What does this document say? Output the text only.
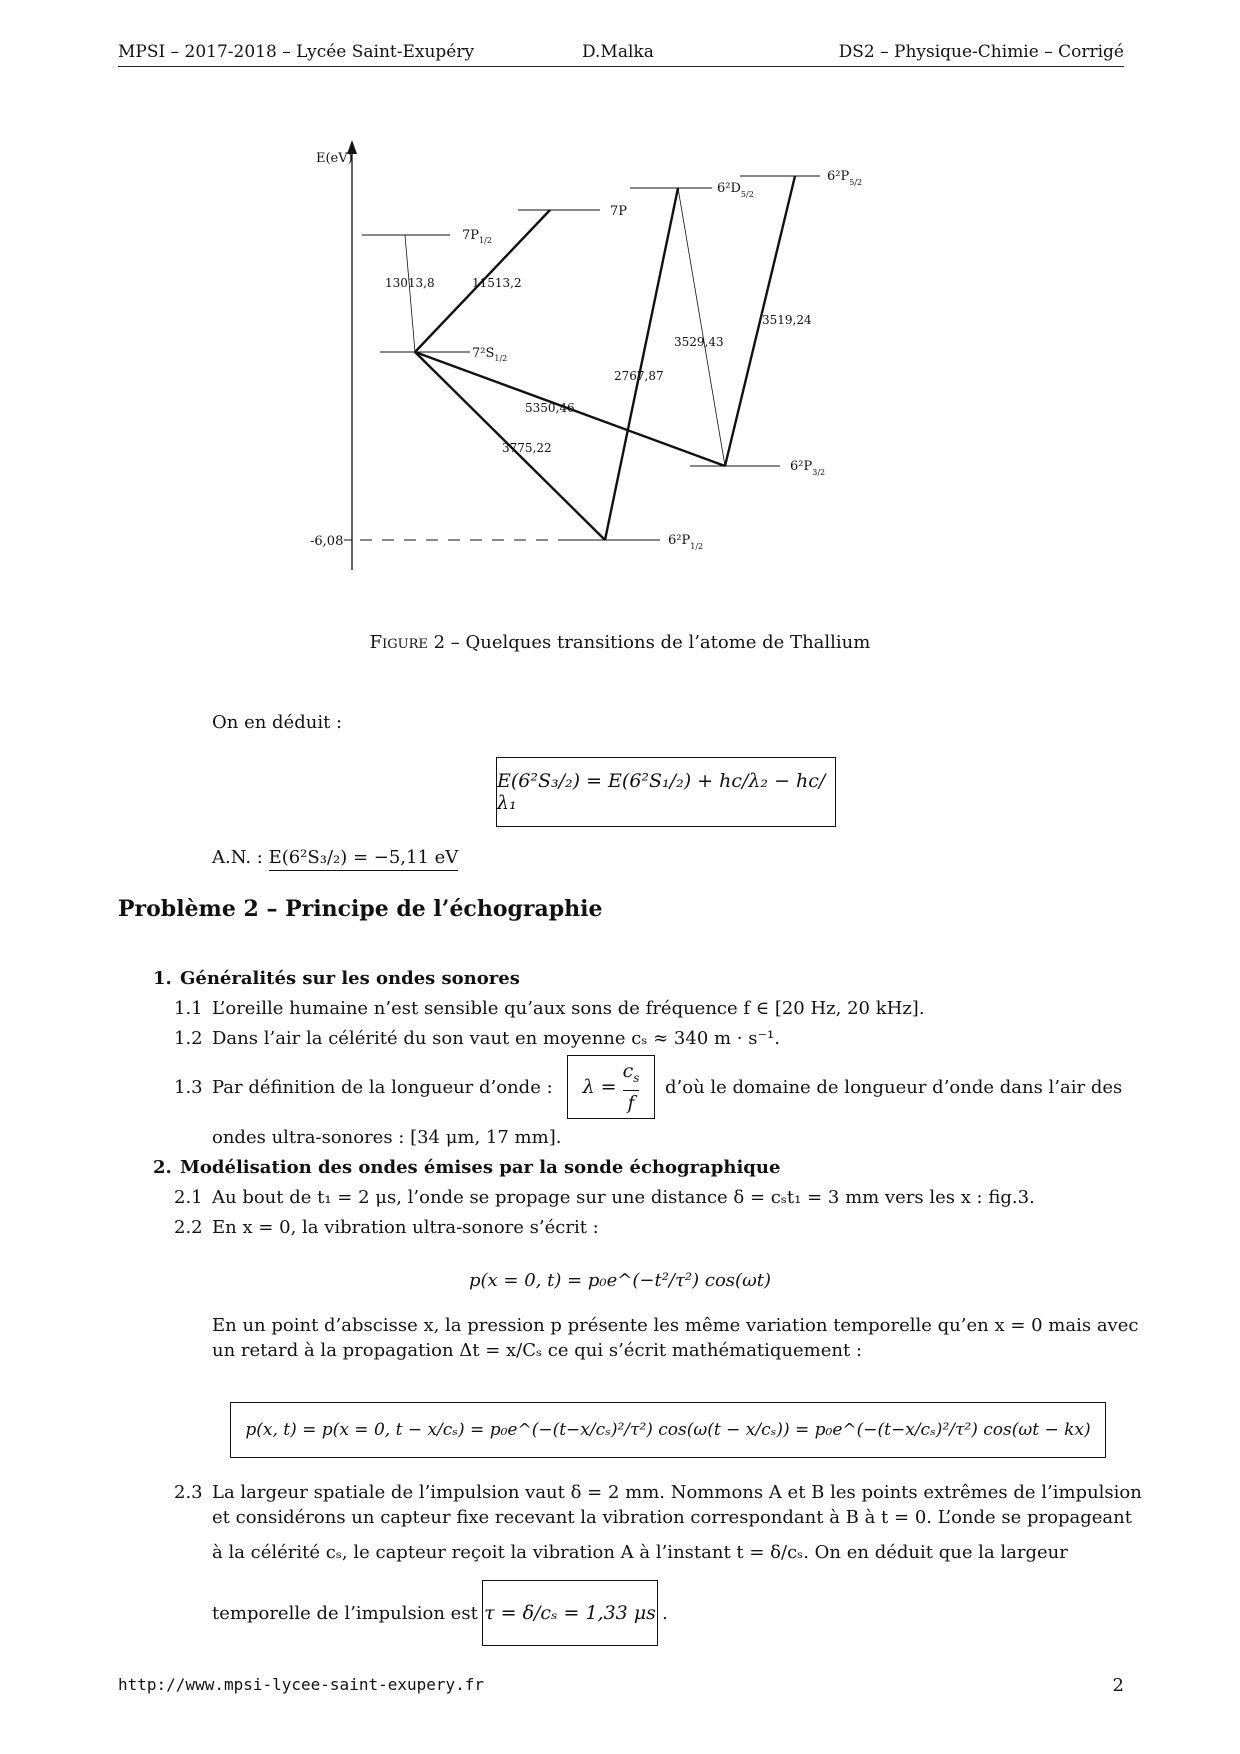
MPSI – 2017-2018 – Lycée Saint-Exupéry	D.Malka	DS2 – Physique-Chimie – Corrigé
E(eV)
-6,08
$7P_{1/2}$
7P
$7^2S_{1/2}$
$6^2D_{5/2}$
$6^2P_{5/2}$
$6^2P_{3/2}$
$6^2P_{1/2}$
13013,8	11513,2
5350,46
3775,22
2767,87
3529,43
3519,24
Figure 2 – Quelques transitions de l’atome de Thallium
On en déduit :
E(6²S₃/₂) = E(6²S₁/₂) + hc/λ₂ − hc/λ₁
A.N. : E(6²S₃/₂) = −5,11 eV
Problème 2 – Principe de l’échographie
1. Généralités sur les ondes sonores
1.1 L’oreille humaine n’est sensible qu’aux sons de fréquence f ∈ [20 Hz, 20 kHz].
1.2 Dans l’air la célérité du son vaut en moyenne cₛ ≈ 340 m · s⁻¹.
1.3 Par définition de la longueur d’onde : $\lambda = \frac{c_s}{f}$ d’où le domaine de longueur d’onde dans l’air des
ondes ultra-sonores : [34 μm, 17 mm].
2. Modélisation des ondes émises par la sonde échographique
2.1 Au bout de t₁ = 2 μs, l’onde se propage sur une distance δ = cₛt₁ = 3 mm vers les x : fig.3.
2.2 En x = 0, la vibration ultra-sonore s’écrit :
p(x = 0, t) = p₀e^(−t²/τ²) cos(ωt)
En un point d’abscisse x, la pression p présente les même variation temporelle qu’en x = 0 mais avec
un retard à la propagation Δt = x/Cₛ ce qui s’écrit mathématiquement :
p(x, t) = p(x = 0, t − x/cₛ) = p₀e^(−(t−x/cₛ)²/τ²) cos(ω(t − x/cₛ)) = p₀e^(−(t−x/cₛ)²/τ²) cos(ωt − kx)
2.3 La largeur spatiale de l’impulsion vaut δ = 2 mm. Nommons A et B les points extrêmes de l’impulsion
et considérons un capteur fixe recevant la vibration correspondant à B à t = 0. L’onde se propageant
à la célérité cₛ, le capteur reçoit la vibration A à l’instant t = δ/cₛ. On en déduit que la largeur
temporelle de l’impulsion est τ = δ/cₛ = 1,33 μs .
http://www.mpsi-lycee-saint-exupery.fr	2
